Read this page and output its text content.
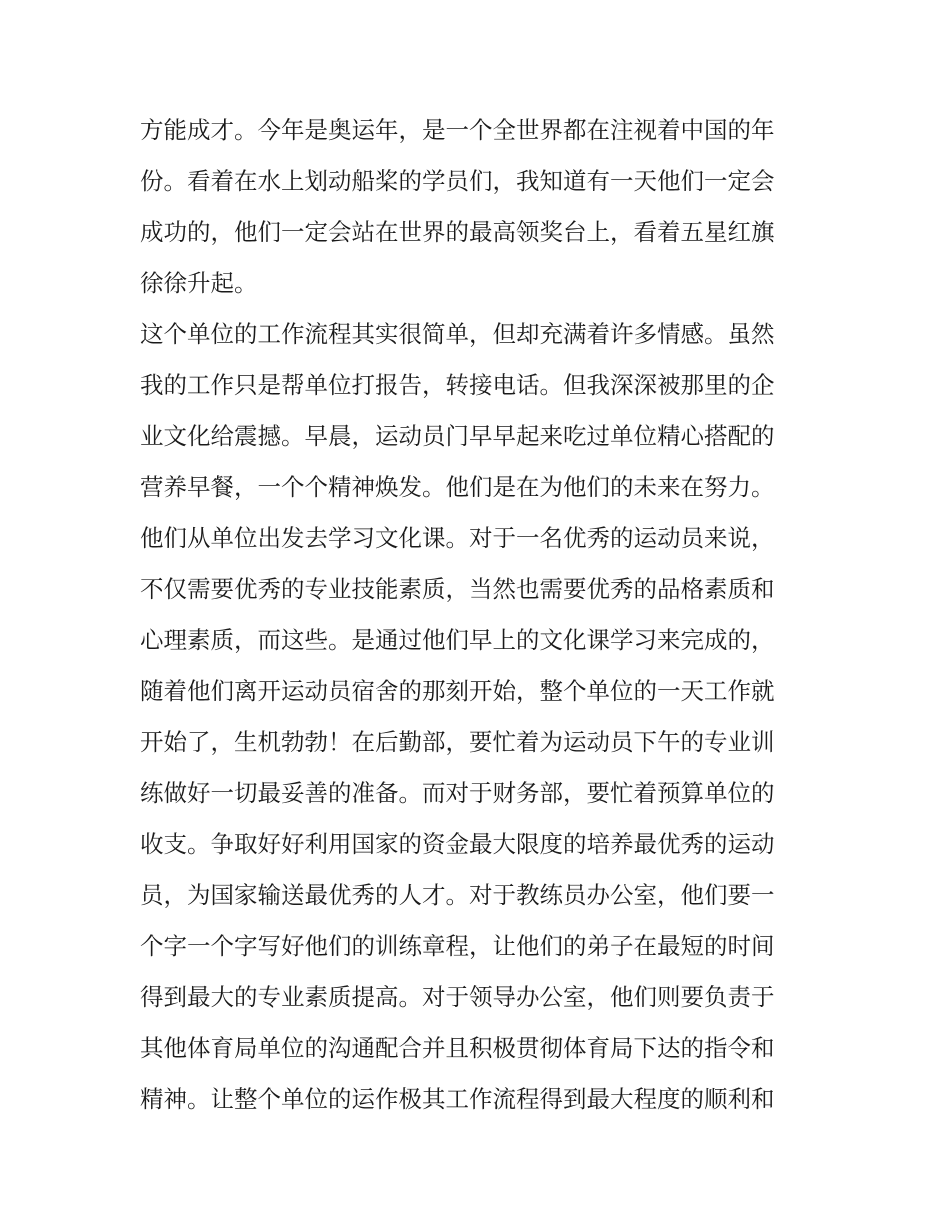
方能成才。今年是奥运年，是一个全世界都在注视着中国的年
份。看着在水上划动船桨的学员们，我知道有一天他们一定会
成功的，他们一定会站在世界的最高领奖台上，看着五星红旗
徐徐升起。
这个单位的工作流程其实很简单，但却充满着许多情感。虽然
我的工作只是帮单位打报告，转接电话。但我深深被那里的企
业文化给震撼。早晨，运动员门早早起来吃过单位精心搭配的
营养早餐，一个个精神焕发。他们是在为他们的未来在努力。
他们从单位出发去学习文化课。对于一名优秀的运动员来说，
不仅需要优秀的专业技能素质，当然也需要优秀的品格素质和
心理素质，而这些。是通过他们早上的文化课学习来完成的，
随着他们离开运动员宿舍的那刻开始，整个单位的一天工作就
开始了，生机勃勃！在后勤部，要忙着为运动员下午的专业训
练做好一切最妥善的准备。而对于财务部，要忙着预算单位的
收支。争取好好利用国家的资金最大限度的培养最优秀的运动
员，为国家输送最优秀的人才。对于教练员办公室，他们要一
个字一个字写好他们的训练章程，让他们的弟子在最短的时间
得到最大的专业素质提高。对于领导办公室，他们则要负责于
其他体育局单位的沟通配合并且积极贯彻体育局下达的指令和
精神。让整个单位的运作极其工作流程得到最大程度的顺利和
